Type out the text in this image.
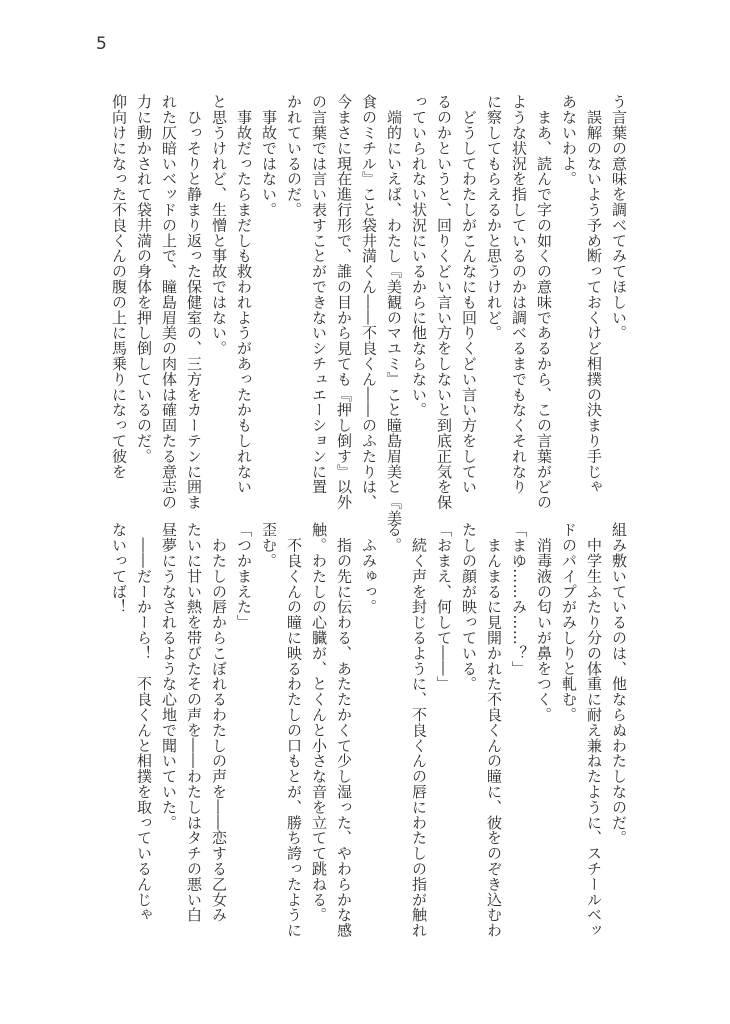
5
う言葉の意味を調べてみてほしい。
　誤解のないよう予め断っておくけど相撲の決まり手じゃ
あないわよ。
　まあ、読んで字の如くの意味であるから、この言葉がどの
ような状況を指しているのかは調べるまでもなくそれなり
に察してもらえるかと思うけれど。
　どうしてわたしがこんなにも回りくどい言い方をしてい
るのかというと、回りくどい言い方をしないと到底正気を保
っていられない状況にいるからに他ならない。
　端的にいえば、わたし『美観のマユミ』こと瞳島眉美と『美
食のミチル』こと袋井満くん――不良くん――のふたりは、
今まさに現在進行形で、誰の目から見ても『押し倒す』以外
の言葉では言い表すことができないシチュエーションに置
かれているのだ。
　事故ではない。
　事故だったらまだしも救われようがあったかもしれない
と思うけれど、生憎と事故ではない。
　ひっそりと静まり返った保健室の、三方をカーテンに囲ま
れた仄暗いベッドの上で、瞳島眉美の肉体は確固たる意志の
力に動かされて袋井満の身体を押し倒しているのだ。
仰向けになった不良くんの腹の上に馬乗りになって彼を
組み敷いているのは、他ならぬわたしなのだ。
　中学生ふたり分の体重に耐え兼ねたように、スチールベッ
ドのパイプがみしりと軋む。
　消毒液の匂いが鼻をつく。
「まゆ……み……？」
　まんまるに見開かれた不良くんの瞳に、彼をのぞき込むわ
たしの顔が映っている。
「おまえ、何して――」
　続く声を封じるように、不良くんの唇にわたしの指が触れ
る。
　ふみゅっ。
　指の先に伝わる、あたたかくて少し湿った、やわらかな感
触。わたしの心臓が、とくんと小さな音を立てて跳ねる。
　不良くんの瞳に映るわたしの口もとが、勝ち誇ったように
歪む。
「つかまえた」
　わたしの唇からこぼれるわたしの声を――恋する乙女み
たいに甘い熱を帯びたその声を――わたしはタチの悪い白
昼夢にうなされるような心地で聞いていた。
　――だーかーら！　不良くんと相撲を取っているんじゃ
ないってば！
